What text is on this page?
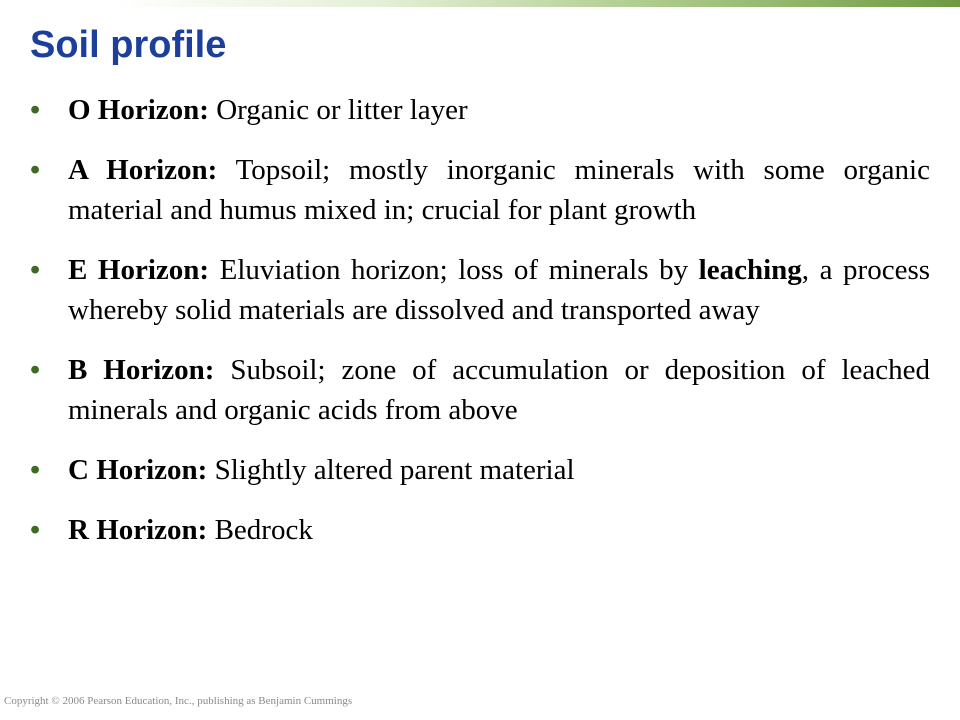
Soil profile
• O Horizon: Organic or litter layer
• A Horizon: Topsoil; mostly inorganic minerals with some organic material and humus mixed in; crucial for plant growth
• E Horizon: Eluviation horizon; loss of minerals by leaching, a process whereby solid materials are dissolved and transported away
• B Horizon: Subsoil; zone of accumulation or deposition of leached minerals and organic acids from above
• C Horizon: Slightly altered parent material
• R Horizon: Bedrock
Copyright © 2006 Pearson Education, Inc., publishing as Benjamin Cummings
